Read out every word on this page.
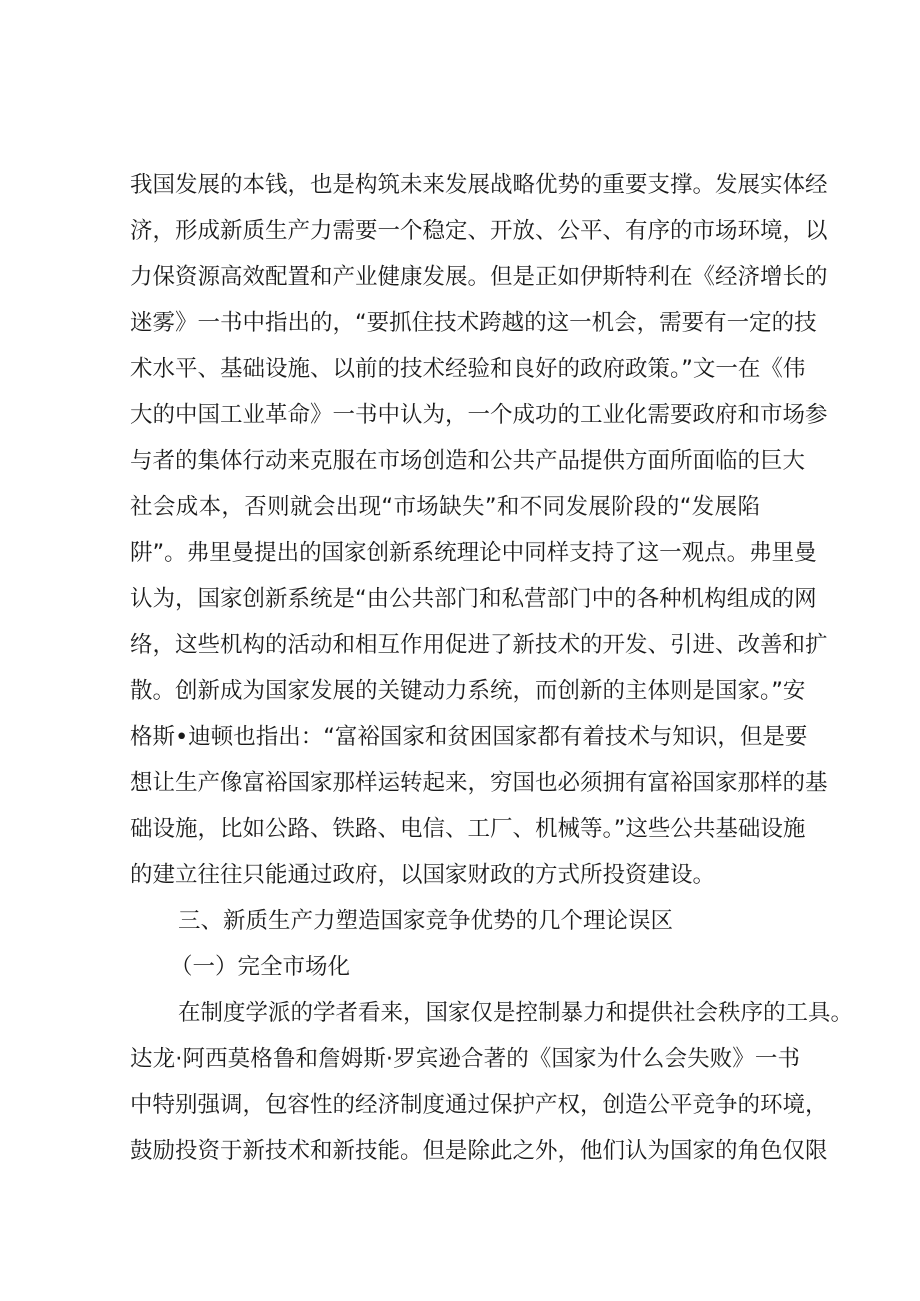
我国发展的本钱，也是构筑未来发展战略优势的重要支撑。发展实体经
济，形成新质生产力需要一个稳定、开放、公平、有序的市场环境，以
力保资源高效配置和产业健康发展。但是正如伊斯特利在《经济增长的
迷雾》一书中指出的，“要抓住技术跨越的这一机会，需要有一定的技
术水平、基础设施、以前的技术经验和良好的政府政策。”文一在《伟
大的中国工业革命》一书中认为，一个成功的工业化需要政府和市场参
与者的集体行动来克服在市场创造和公共产品提供方面所面临的巨大
社会成本，否则就会出现“市场缺失”和不同发展阶段的“发展陷
阱”。弗里曼提出的国家创新系统理论中同样支持了这一观点。弗里曼
认为，国家创新系统是“由公共部门和私营部门中的各种机构组成的网
络，这些机构的活动和相互作用促进了新技术的开发、引进、改善和扩
散。创新成为国家发展的关键动力系统，而创新的主体则是国家。”安
格斯•迪顿也指出：“富裕国家和贫困国家都有着技术与知识，但是要
想让生产像富裕国家那样运转起来，穷国也必须拥有富裕国家那样的基
础设施，比如公路、铁路、电信、工厂、机械等。”这些公共基础设施
的建立往往只能通过政府，以国家财政的方式所投资建设。
三、新质生产力塑造国家竞争优势的几个理论误区
（一）完全市场化
在制度学派的学者看来，国家仅是控制暴力和提供社会秩序的工具。
达龙·阿西莫格鲁和詹姆斯·罗宾逊合著的《国家为什么会失败》一书
中特别强调，包容性的经济制度通过保护产权，创造公平竞争的环境，
鼓励投资于新技术和新技能。但是除此之外，他们认为国家的角色仅限
